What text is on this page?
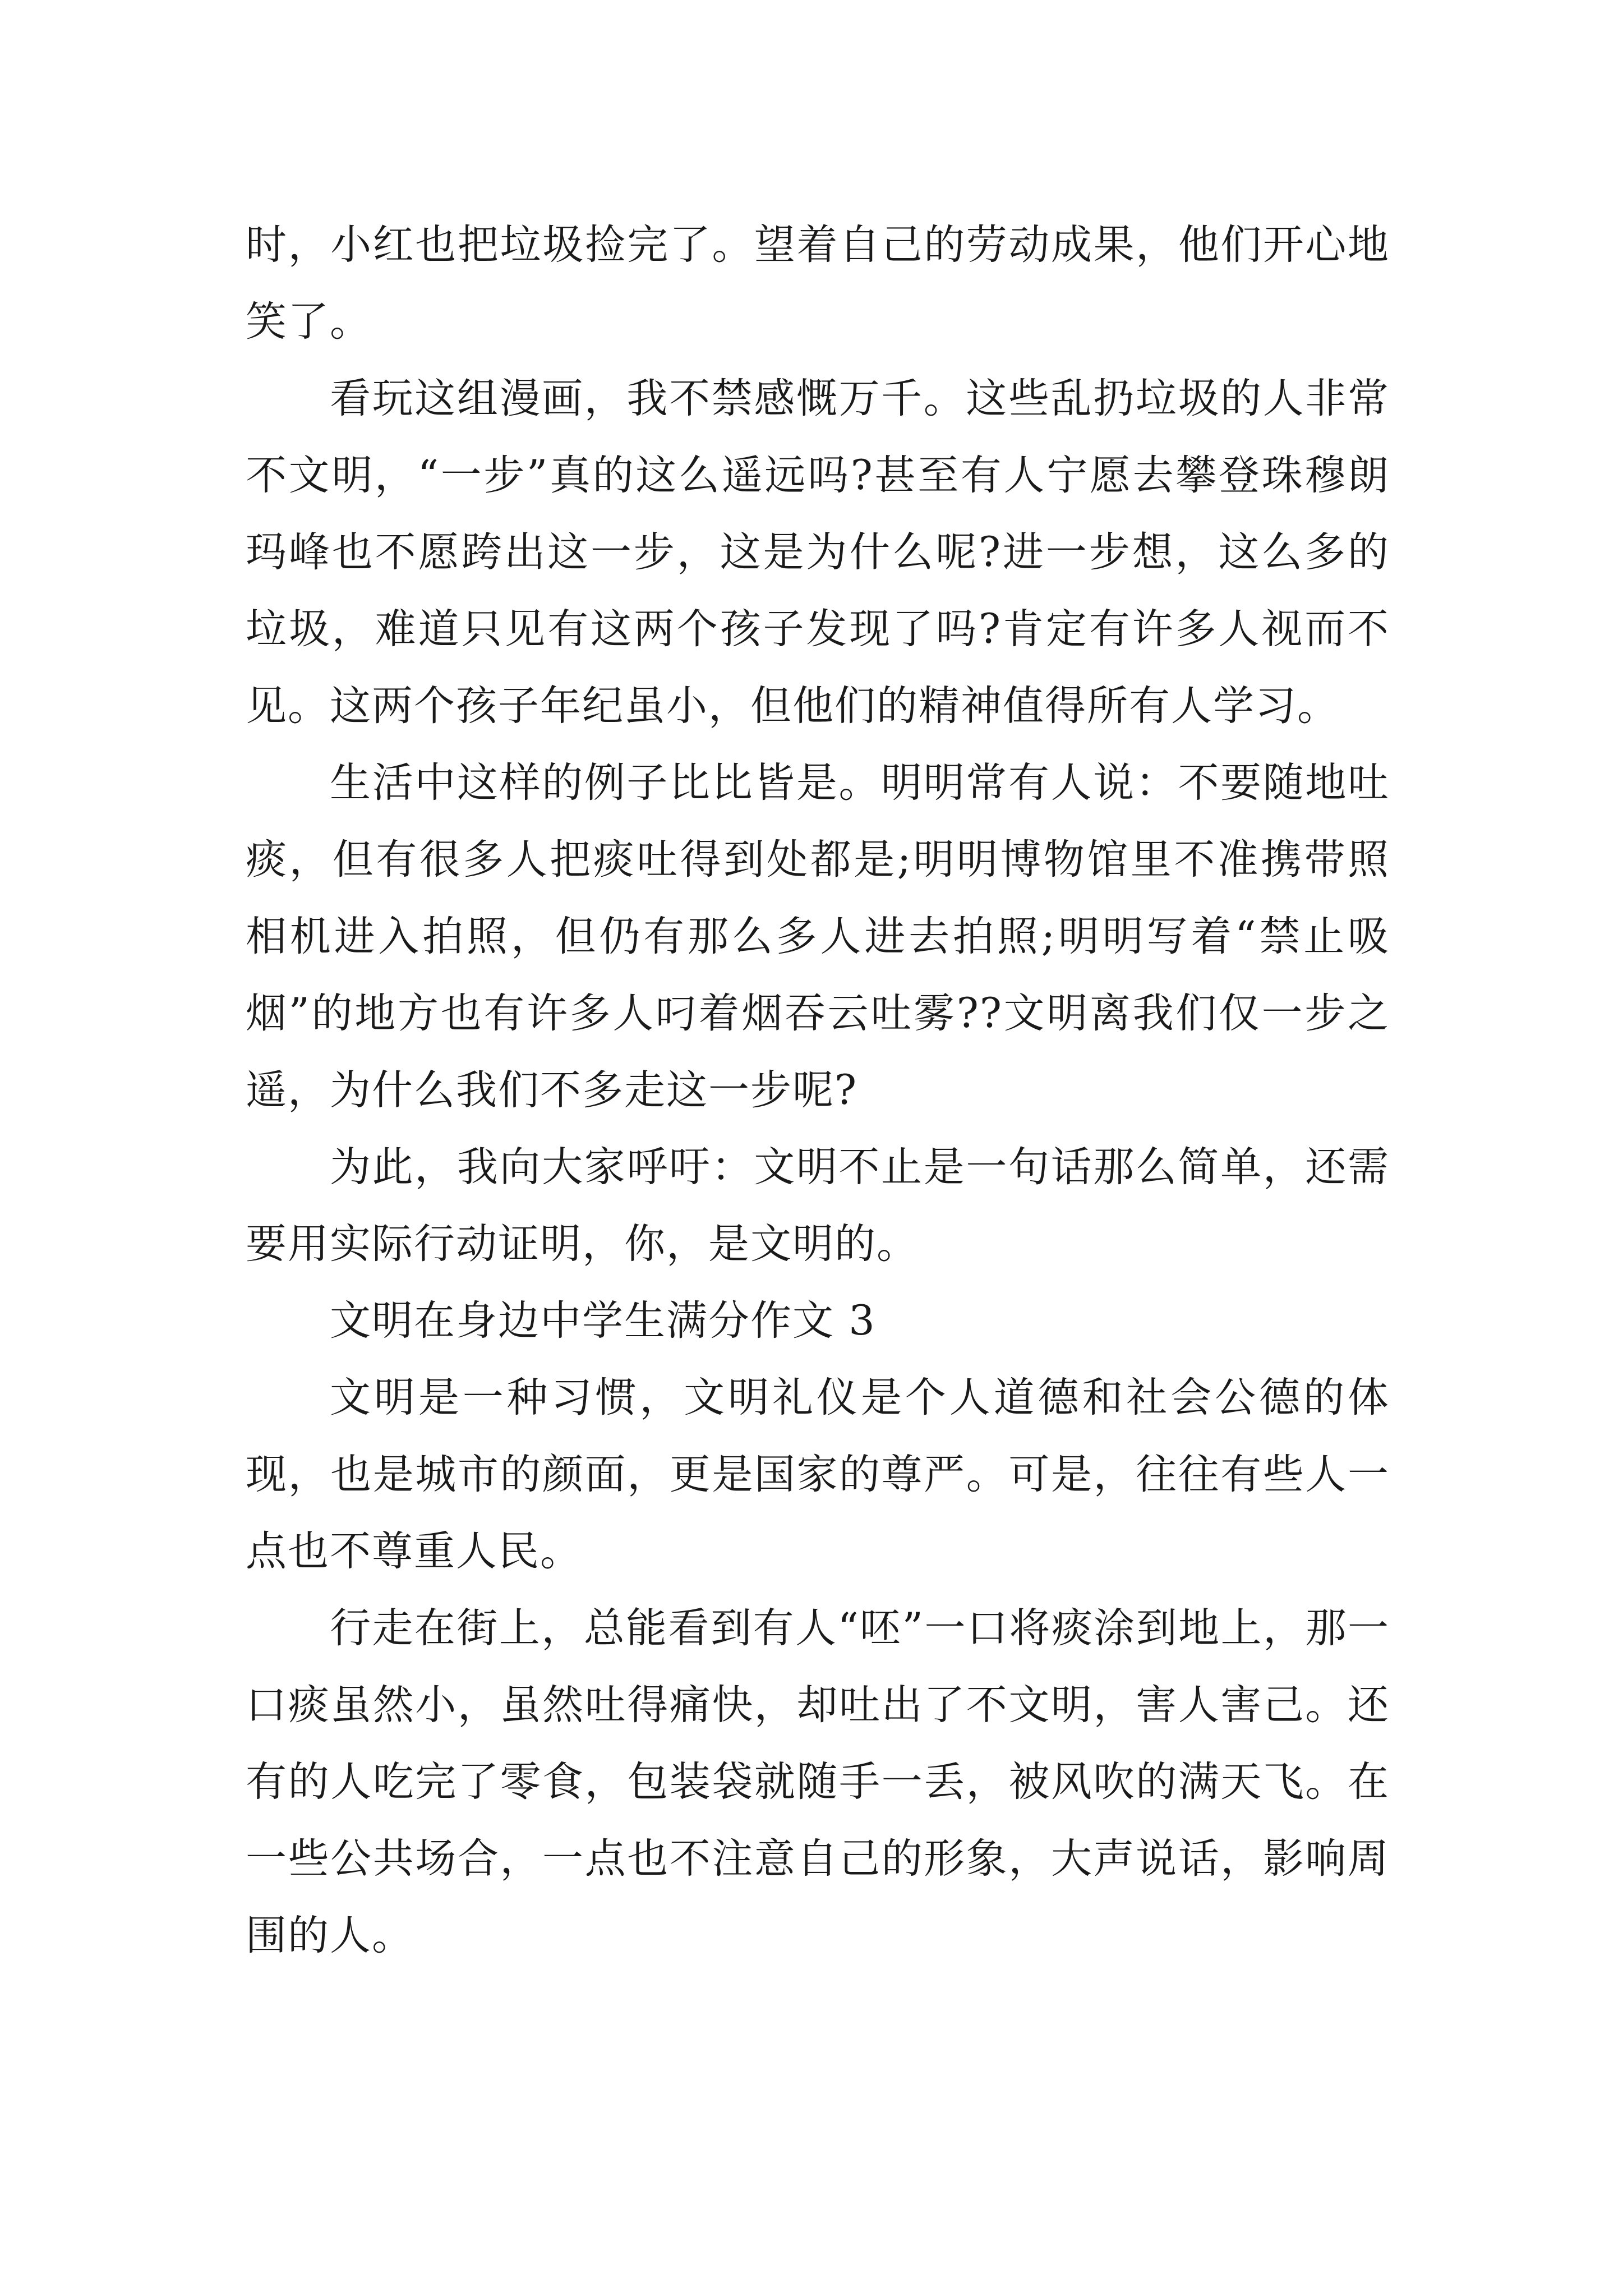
时，小红也把垃圾捡完了。望着自己的劳动成果，他们开心地笑了。

看玩这组漫画，我不禁感慨万千。这些乱扔垃圾的人非常不文明，“一步”真的这么遥远吗?甚至有人宁愿去攀登珠穆朗玛峰也不愿跨出这一步，这是为什么呢?进一步想，这么多的垃圾，难道只见有这两个孩子发现了吗?肯定有许多人视而不见。这两个孩子年纪虽小，但他们的精神值得所有人学习。

生活中这样的例子比比皆是。明明常有人说：不要随地吐痰，但有很多人把痰吐得到处都是;明明博物馆里不准携带照相机进入拍照，但仍有那么多人进去拍照;明明写着“禁止吸烟”的地方也有许多人叼着烟吞云吐雾??文明离我们仅一步之遥，为什么我们不多走这一步呢?

为此，我向大家呼吁：文明不止是一句话那么简单，还需要用实际行动证明，你，是文明的。

文明在身边中学生满分作文 3

文明是一种习惯，文明礼仪是个人道德和社会公德的体现，也是城市的颜面，更是国家的尊严。可是，往往有些人一点也不尊重人民。

行走在街上，总能看到有人“呸”一口将痰涂到地上，那一口痰虽然小，虽然吐得痛快，却吐出了不文明，害人害己。还有的人吃完了零食，包装袋就随手一丢，被风吹的满天飞。在一些公共场合，一点也不注意自己的形象，大声说话，影响周围的人。
